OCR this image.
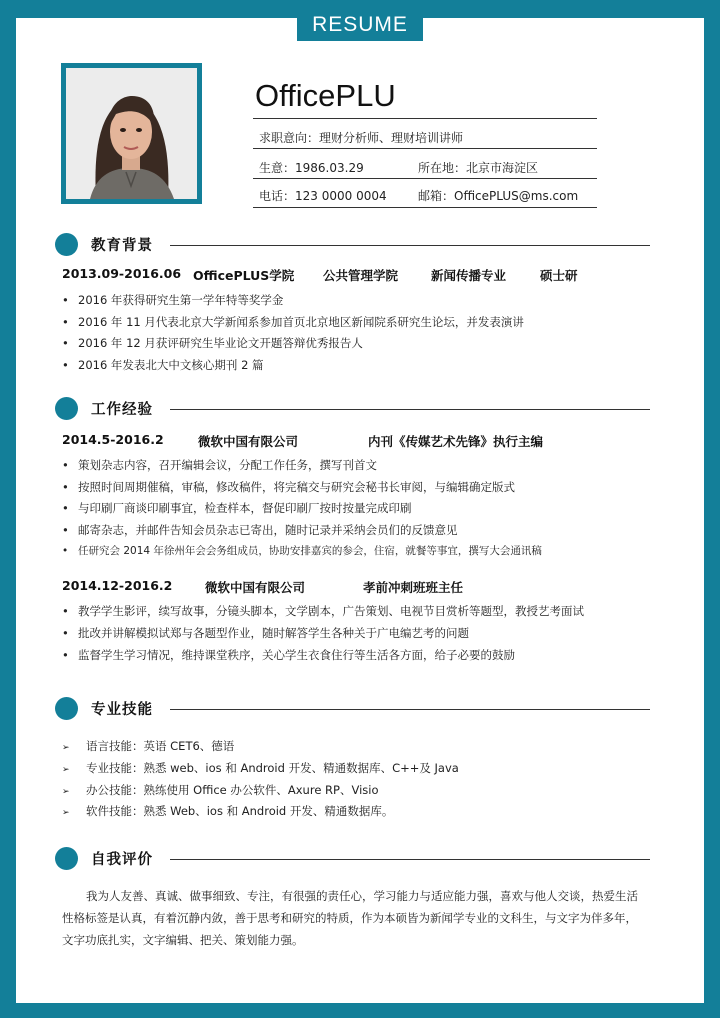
RESUME
OfficePLU
求职意向：理财分析师、理财培训讲师
生意：1986.03.29	所在地：北京市海淀区
电话：123 0000 0004	邮箱：OfficePLUS@ms.com
教育背景
2013.09-2016.06 OfficePLUS学院 公共管理学院	新闻传播专业	硕士研
• 2016 年获得研究生第一学年特等奖学金
• 2016 年 11 月代表北京大学新闻系参加首页北京地区新闻院系研究生论坛，并发表演讲
• 2016 年 12 月获评研究生毕业论文开题答辩优秀报告人
• 2016 年发表北大中文核心期刊 2 篇
工作经验
2014.5-2016.2	微软中国有限公司	内刊《传媒艺术先锋》执行主编
• 策划杂志内容，召开编辑会议，分配工作任务，撰写刊首文
• 按照时间周期催稿，审稿，修改稿件，将完稿交与研究会秘书长审阅，与编辑确定版式
• 与印刷厂商谈印刷事宜，检查样本，督促印刷厂按时按量完成印刷
• 邮寄杂志，并邮件告知会员杂志已寄出，随时记录并采纳会员们的反馈意见
• 任研究会 2014 年徐州年会会务组成员，协助安排嘉宾的参会，住宿，就餐等事宜，撰写大会通讯稿
2014.12-2016.2	微软中国有限公司	孝前冲刺班班主任
• 教学学生影评，续写故事，分镜头脚本，文学剧本，广告策划、电视节目赏析等题型，教授艺考面试
• 批改并讲解模拟试郑与各题型作业，随时解答学生各种关于广电编艺考的问题
• 监督学生学习情况，维持课堂秩序，关心学生衣食住行等生活各方面，给子必要的鼓励
专业技能
➢ 语言技能：英语 CET6、德语
➢ 专业技能：熟悉 web、ios 和 Android 开发、精通数据库、C++及 Java
➢ 办公技能：熟练使用 Office 办公软件、Axure RP、Visio
➢ 软件技能：熟悉 Web、ios 和 Android 开发、精通数据库。
自我评价
我为人友善、真诚、做事细致、专注，有很强的责任心，学习能力与适应能力强，喜欢与他人交谈，热爱生活性格标签是认真，有着沉静内敛，善于思考和研究的特质，作为本硕皆为新闻学专业的文科生，与文字为伴多年，文字功底扎实，文字编辑、把关、策划能力强。
